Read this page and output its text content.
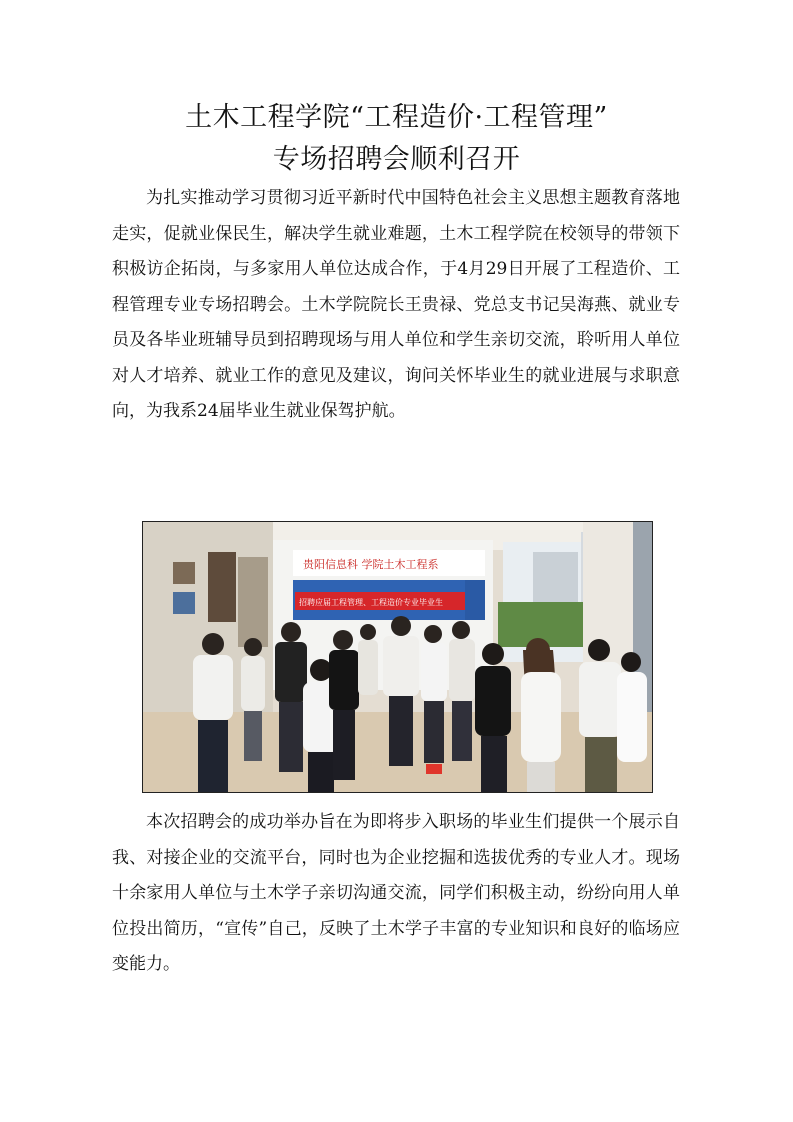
土木工程学院“工程造价·工程管理”
专场招聘会顺利召开

为扎实推动学习贯彻习近平新时代中国特色社会主义思想主题教育落地走实，促就业保民生，解决学生就业难题，土木工程学院在校领导的带领下积极访企拓岗，与多家用人单位达成合作，于4月29日开展了工程造价、工程管理专业专场招聘会。土木学院院长王贵禄、党总支书记吴海燕、就业专员及各毕业班辅导员到招聘现场与用人单位和学生亲切交流，聆听用人单位对人才培养、就业工作的意见及建议，询问关怀毕业生的就业进展与求职意向，为我系24届毕业生就业保驾护航。

贵阳信息科 学院土木工程系
招聘应届工程管理、工程造价专业毕业生

本次招聘会的成功举办旨在为即将步入职场的毕业生们提供一个展示自我、对接企业的交流平台，同时也为企业挖掘和选拔优秀的专业人才。现场十余家用人单位与土木学子亲切沟通交流，同学们积极主动，纷纷向用人单位投出简历，“宣传”自己，反映了土木学子丰富的专业知识和良好的临场应变能力。
